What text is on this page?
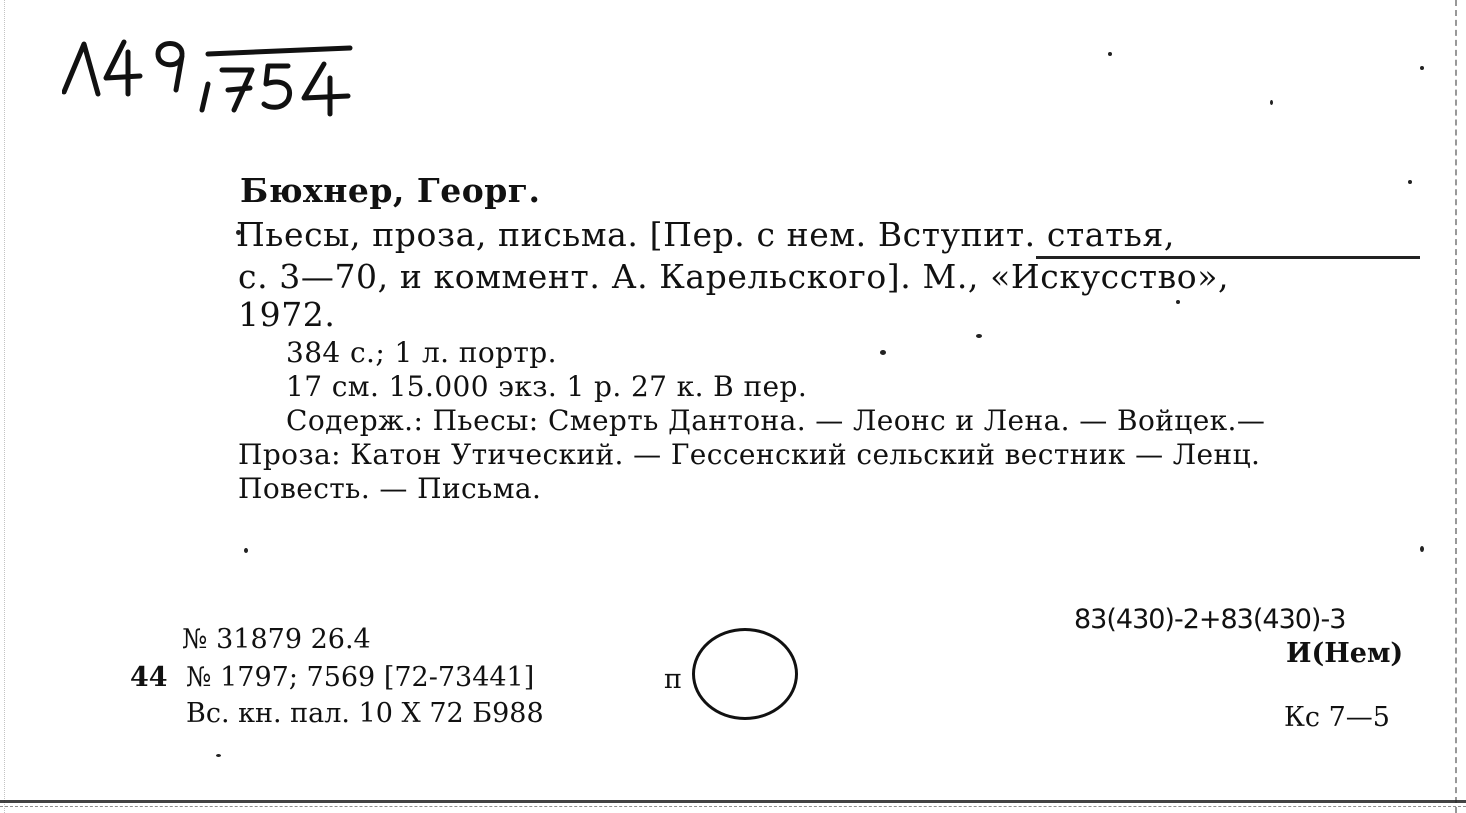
Бюхнер, Георг.
Пьесы, проза, письма. [Пер. с нем. Вступит. статья,
с. 3—70, и коммент. А. Карельского]. М., «Искусство»,
1972.
384 с.; 1 л. портр.
17 см. 15.000 экз. 1 р. 27 к. В пер.
Содерж.: Пьесы: Смерть Дантона. — Леонс и Лена. — Войцек.—
Проза: Катон Утический. — Гессенский сельский вестник — Ленц.
Повесть. — Письма.
№ 31879 26.4
44 № 1797; 7569 [72-73441]
Вс. кн. пал. 10 X 72 Б988
п
83(430)-2+83(430)-3
И(Нем)
Кс 7—5
